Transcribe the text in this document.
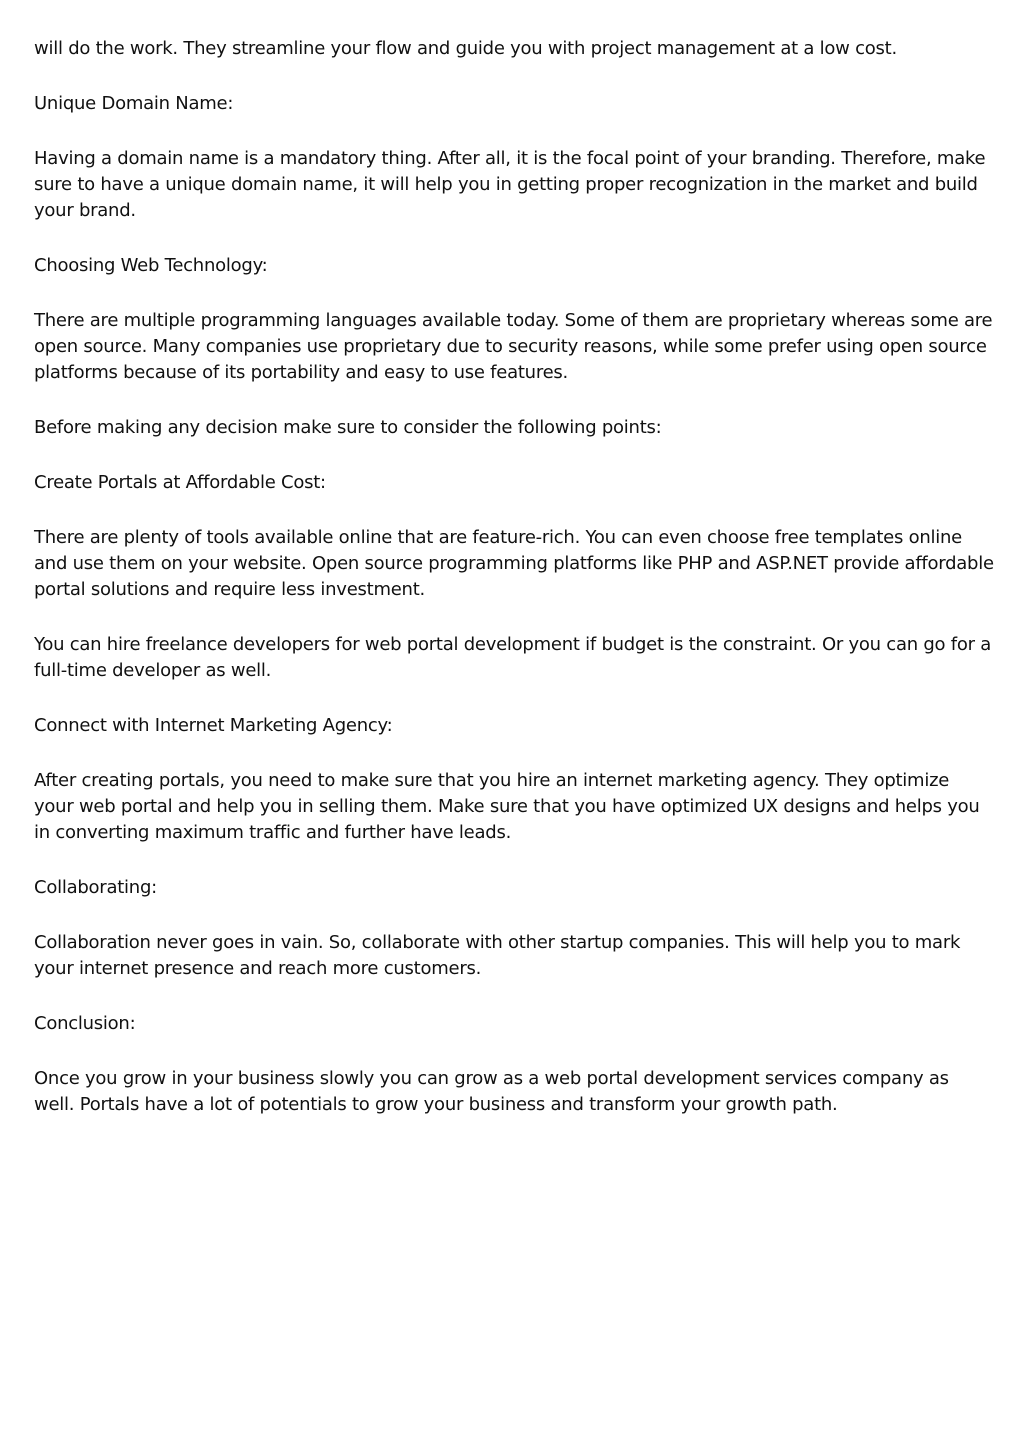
will do the work. They streamline your flow and guide you with project management at a low cost.

Unique Domain Name:

Having a domain name is a mandatory thing. After all, it is the focal point of your branding. Therefore, make sure to have a unique domain name, it will help you in getting proper recognization in the market and build your brand.

Choosing Web Technology:

There are multiple programming languages available today. Some of them are proprietary whereas some are open source. Many companies use proprietary due to security reasons, while some prefer using open source platforms because of its portability and easy to use features.

Before making any decision make sure to consider the following points:

Create Portals at Affordable Cost:

There are plenty of tools available online that are feature-rich. You can even choose free templates online and use them on your website. Open source programming platforms like PHP and ASP.NET provide affordable portal solutions and require less investment.

You can hire freelance developers for web portal development if budget is the constraint. Or you can go for a full-time developer as well.

Connect with Internet Marketing Agency:

After creating portals, you need to make sure that you hire an internet marketing agency. They optimize your web portal and help you in selling them. Make sure that you have optimized UX designs and helps you in converting maximum traffic and further have leads.

Collaborating:

Collaboration never goes in vain. So, collaborate with other startup companies. This will help you to mark your internet presence and reach more customers.

Conclusion:

Once you grow in your business slowly you can grow as a web portal development services company as well. Portals have a lot of potentials to grow your business and transform your growth path.
